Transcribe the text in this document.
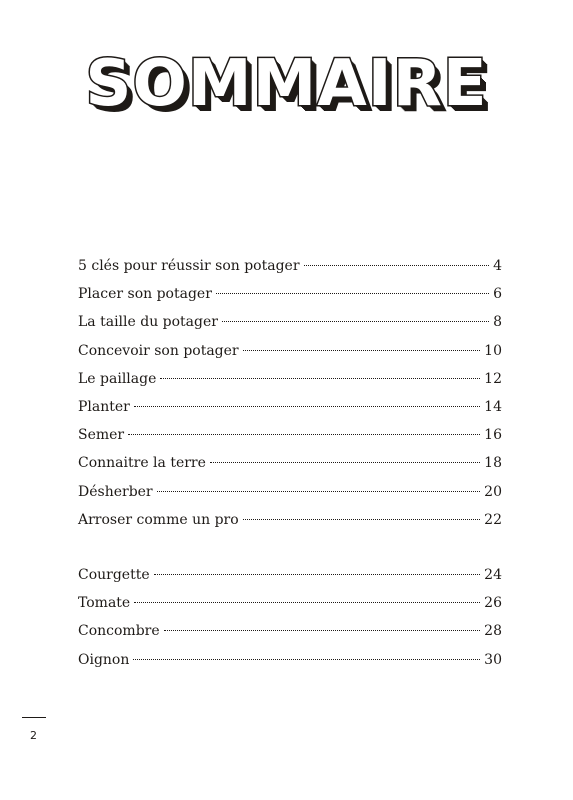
SOMMAIRE
5 clés pour réussir son potager	4
Placer son potager	6
La taille du potager	8
Concevoir son potager	10
Le paillage	12
Planter	14
Semer	16
Connaitre la terre	18
Désherber	20
Arroser comme un pro	22
Courgette	24
Tomate	26
Concombre	28
Oignon	30
2
